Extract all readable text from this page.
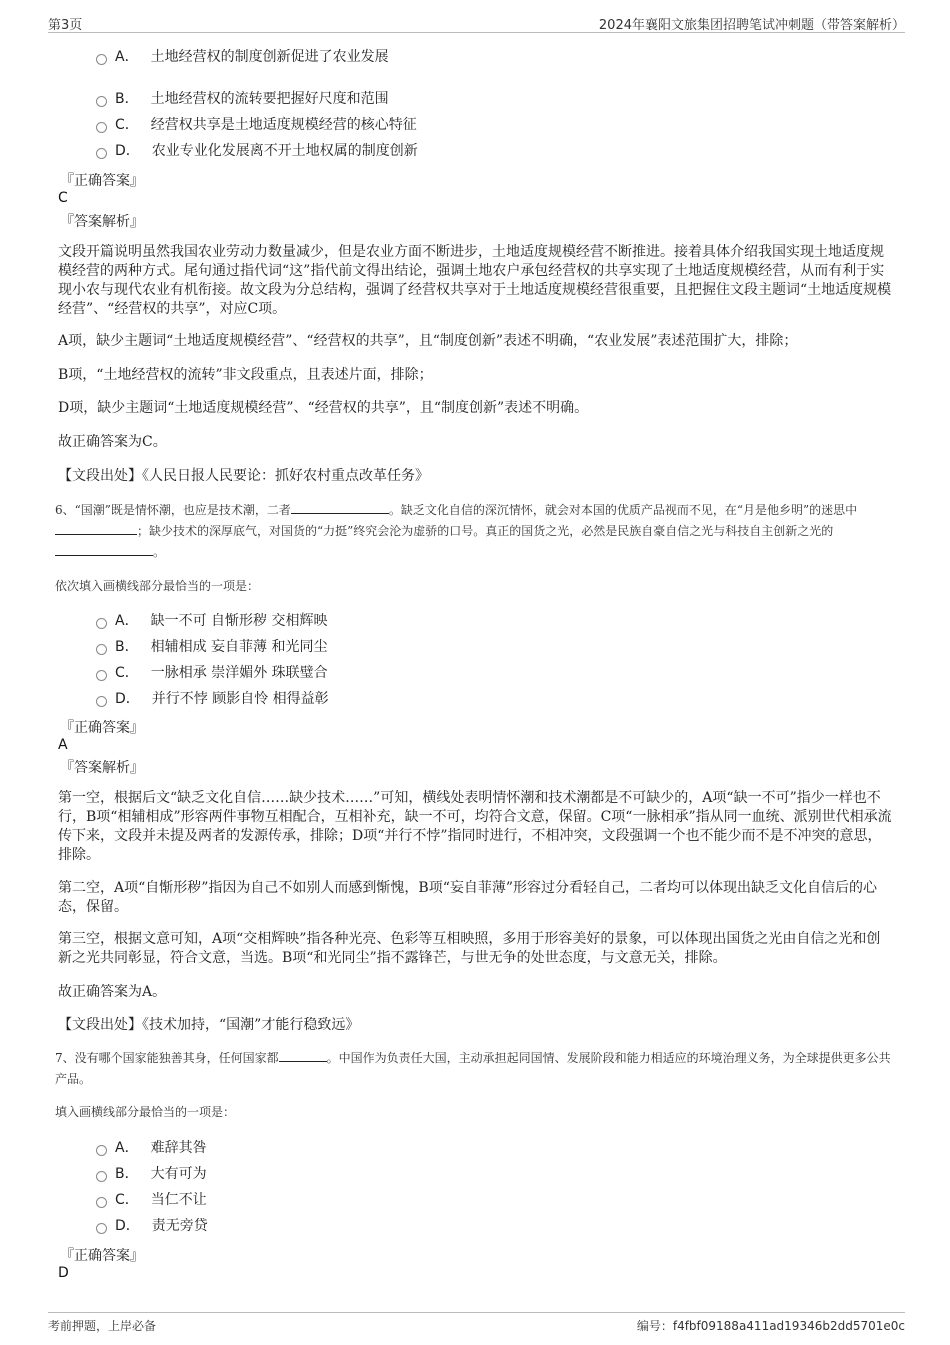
第3页	2024年襄阳文旅集团招聘笔试冲刺题（带答案解析）
A． 土地经营权的制度创新促进了农业发展
B． 土地经营权的流转要把握好尺度和范围
C． 经营权共享是土地适度规模经营的核心特征
D． 农业专业化发展离不开土地权属的制度创新
『正确答案』
C
『答案解析』
文段开篇说明虽然我国农业劳动力数量减少，但是农业方面不断进步，土地适度规模经营不断推进。接着具体介绍我国实现土地适度规模经营的两种方式。尾句通过指代词“这”指代前文得出结论，强调土地农户承包经营权的共享实现了土地适度规模经营，从而有利于实现小农与现代农业有机衔接。故文段为分总结构，强调了经营权共享对于土地适度规模经营很重要，且把握住文段主题词“土地适度规模经营”、“经营权的共享”，对应C项。
A项，缺少主题词“土地适度规模经营”、“经营权的共享”，且“制度创新”表述不明确，“农业发展”表述范围扩大，排除；
B项，“土地经营权的流转”非文段重点，且表述片面，排除；
D项，缺少主题词“土地适度规模经营”、“经营权的共享”，且“制度创新”表述不明确。
故正确答案为C。
【文段出处】《人民日报人民要论：抓好农村重点改革任务》
6、“国潮”既是情怀潮，也应是技术潮，二者	。缺乏文化自信的深沉情怀，就会对本国的优质产品视而不见，在“月是他乡明”的迷思中；缺少技术的深厚底气，对国货的“力挺”终究会沦为虚骄的口号。真正的国货之光，必然是民族自豪自信之光与科技自主创新之光的。
依次填入画横线部分最恰当的一项是：
A． 缺一不可 自惭形秽 交相辉映
B． 相辅相成 妄自菲薄 和光同尘
C． 一脉相承 崇洋媚外 珠联璧合
D． 并行不悖 顾影自怜 相得益彰
『正确答案』
A
『答案解析』
第一空，根据后文“缺乏文化自信……缺少技术……”可知，横线处表明情怀潮和技术潮都是不可缺少的，A项“缺一不可”指少一样也不行，B项“相辅相成”形容两件事物互相配合，互相补充，缺一不可，均符合文意，保留。C项“一脉相承”指从同一血统、派别世代相承流传下来，文段并未提及两者的发源传承，排除；D项“并行不悖”指同时进行，不相冲突，文段强调一个也不能少而不是不冲突的意思，排除。
第二空，A项“自惭形秽”指因为自己不如别人而感到惭愧，B项“妄自菲薄”形容过分看轻自己，二者均可以体现出缺乏文化自信后的心态，保留。
第三空，根据文意可知，A项“交相辉映”指各种光亮、色彩等互相映照，多用于形容美好的景象，可以体现出国货之光由自信之光和创新之光共同彰显，符合文意，当选。B项“和光同尘”指不露锋芒，与世无争的处世态度，与文意无关，排除。
故正确答案为A。
【文段出处】《技术加持，“国潮”才能行稳致远》
7、没有哪个国家能独善其身，任何国家都	。中国作为负责任大国，主动承担起同国情、发展阶段和能力相适应的环境治理义务，为全球提供更多公共产品。
填入画横线部分最恰当的一项是：
A． 难辞其咎
B． 大有可为
C． 当仁不让
D． 责无旁贷
『正确答案』
D
考前押题，上岸必备	编号：f4fbf09188a411ad19346b2dd5701e0c
